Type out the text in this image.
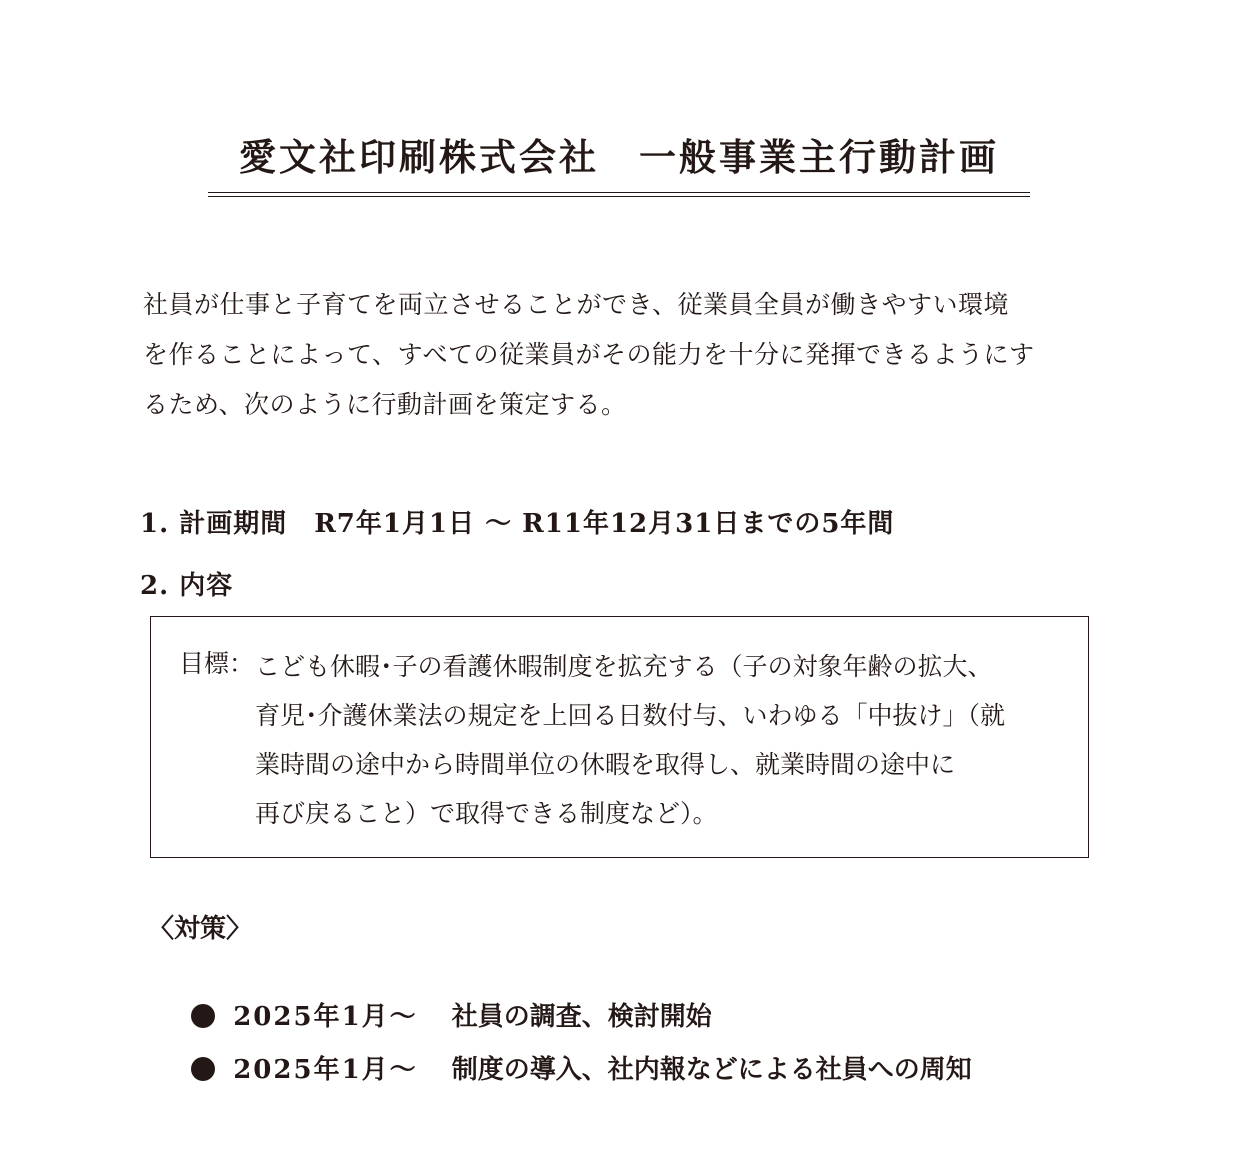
愛文社印刷株式会社　一般事業主行動計画

社員が仕事と子育てを両立させることができ、従業員全員が働きやすい環境

を作ることによって、すべての従業員がその能力を十分に発揮できるようにす

るため、次のように行動計画を策定する。

1. 計画期間　R7年1月1日 〜 R11年12月31日までの5年間
2. 内容
目標： こども休暇･子の看護休暇制度を拡充する（子の対象年齢の拡大、

育児･介護休業法の規定を上回る日数付与、いわゆる「中抜け」（就

業時間の途中から時間単位の休暇を取得し、就業時間の途中に

再び戻ること）で取得できる制度など）。

〈対策〉

2025年1月〜 社員の調査、検討開始

2025年1月〜 制度の導入、社内報などによる社員への周知
